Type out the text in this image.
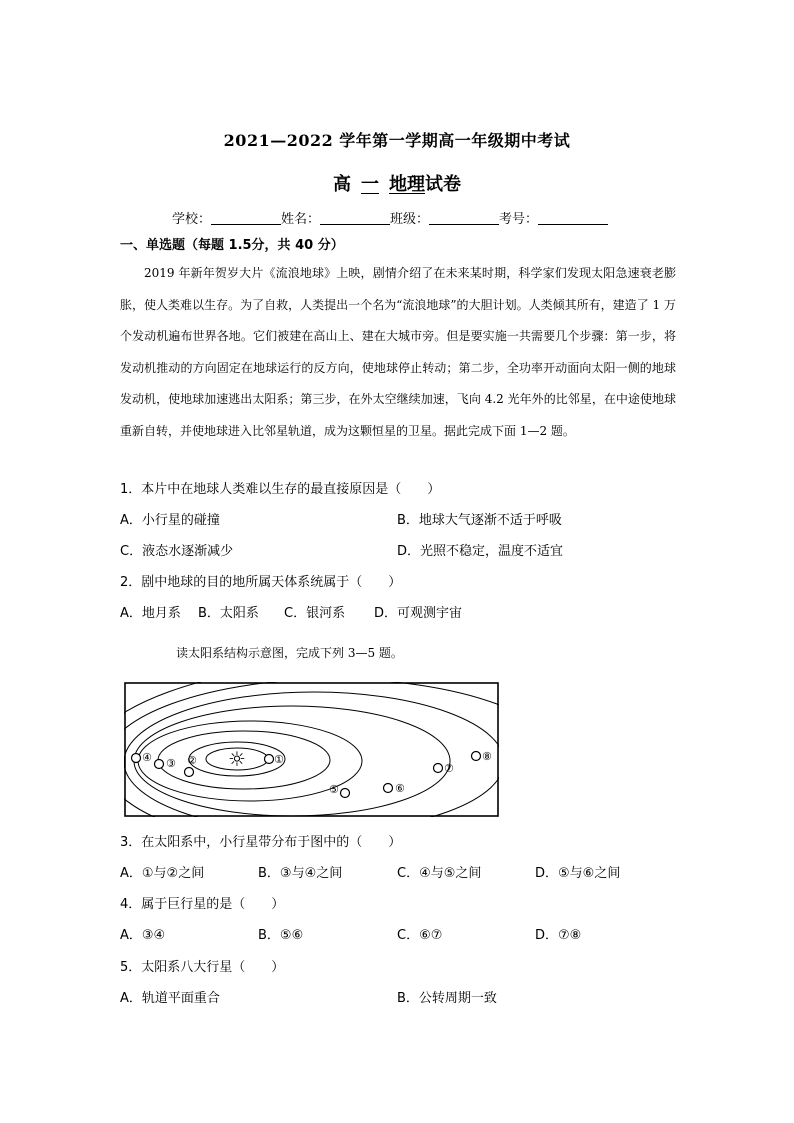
2021—2022 学年第一学期高一年级期中考试
高 一 地理试卷
学校：	姓名：	班级：	考号：
一、单选题（每题 1.5分，共 40 分）

2019 年新年贺岁大片《流浪地球》上映，剧情介绍了在未来某时期，科学家们发现太阳急速衰老膨胀，使人类难以生存。为了自救，人类提出一个名为“流浪地球”的大胆计划。人类倾其所有，建造了 1 万个发动机遍布世界各地。它们被建在高山上、建在大城市旁。但是要实施一共需要几个步骤：第一步，将发动机推动的方向固定在地球运行的反方向，使地球停止转动；第二步，全功率开动面向太阳一侧的地球发动机，使地球加速逃出太阳系；第三步，在外太空继续加速，飞向 4.2 光年外的比邻星，在中途使地球重新自转，并使地球进入比邻星轨道，成为这颗恒星的卫星。据此完成下面 1—2 题。

1．本片中在地球人类难以生存的最直接原因是（　　）
A．小行星的碰撞	B．地球大气逐渐不适于呼吸
C．液态水逐渐减少	D．光照不稳定，温度不适宜
2．剧中地球的目的地所属天体系统属于（　　）
A．地月系 B．太阳系 C．银河系 D．可观测宇宙
读太阳系结构示意图，完成下列 3—5 题。
☼	①
②
③
④
⑤	⑥
⑦
⑧
3．在太阳系中，小行星带分布于图中的（　　）
A．①与②之间	B．③与④之间	C．④与⑤之间	D．⑤与⑥之间
4．属于巨行星的是（　　）
A．③④	B．⑤⑥	C．⑥⑦	D．⑦⑧
5．太阳系八大行星（　　）
A．轨道平面重合	B．公转周期一致
